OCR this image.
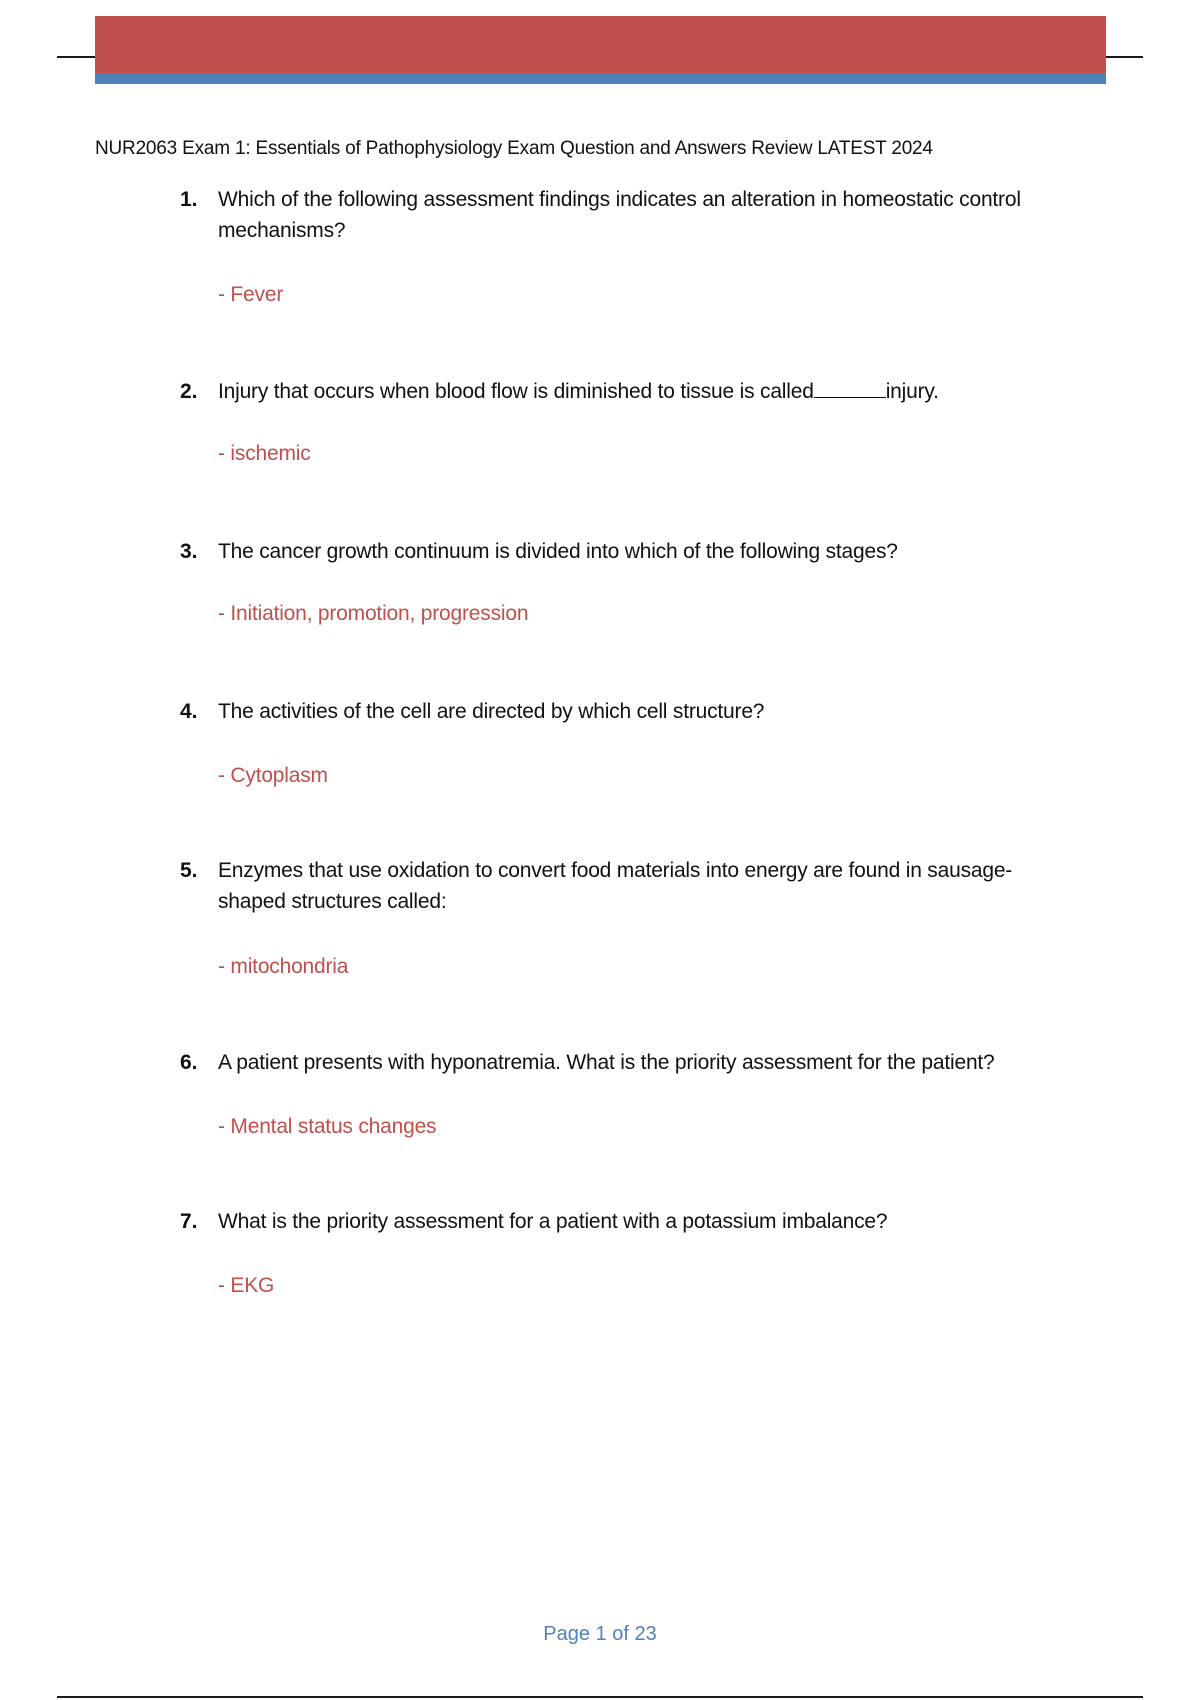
NUR2063 Exam 1: Essentials of Pathophysiology Exam Question and Answers Review LATEST 2024
1. Which of the following assessment findings indicates an alteration in homeostatic control mechanisms?
- Fever
2. Injury that occurs when blood flow is diminished to tissue is called	injury.
- ischemic
3. The cancer growth continuum is divided into which of the following stages?
- Initiation, promotion, progression
4. The activities of the cell are directed by which cell structure?
- Cytoplasm
5. Enzymes that use oxidation to convert food materials into energy are found in sausage-shaped structures called:
- mitochondria
6. A patient presents with hyponatremia. What is the priority assessment for the patient?
- Mental status changes
7. What is the priority assessment for a patient with a potassium imbalance?
- EKG
Page 1 of 23
